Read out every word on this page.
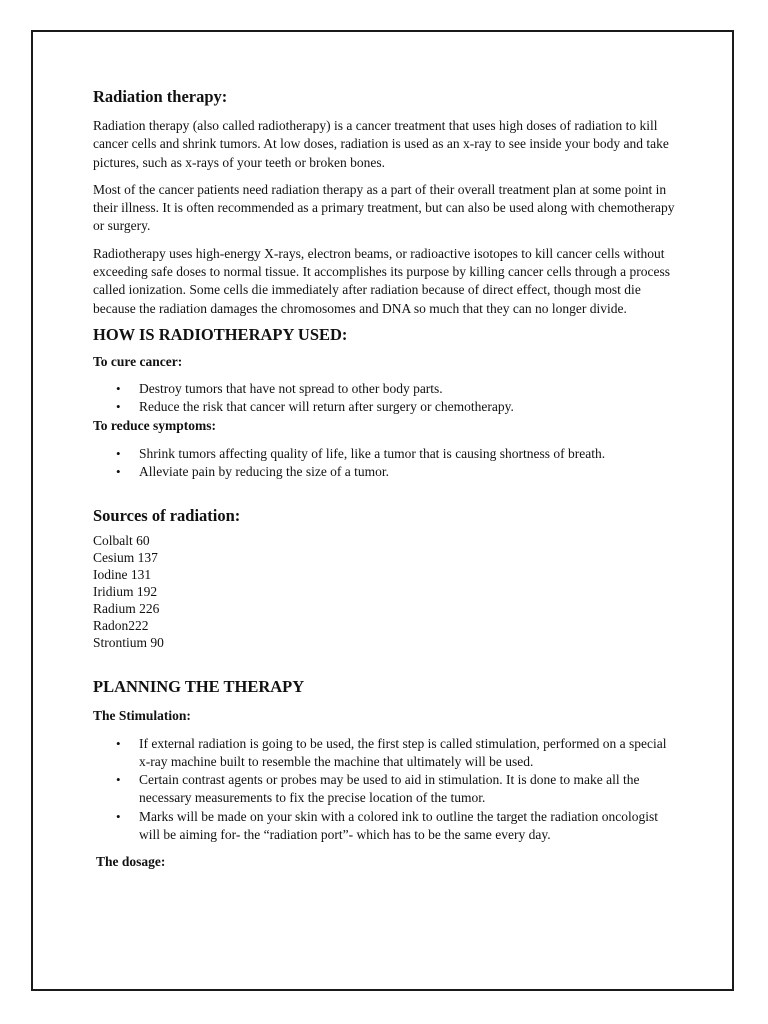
Radiation therapy:

Radiation therapy (also called radiotherapy) is a cancer treatment that uses high doses of radiation to kill cancer cells and shrink tumors. At low doses, radiation is used as an x-ray to see inside your body and take pictures, such as x-rays of your teeth or broken bones.

Most of the cancer patients need radiation therapy as a part of their overall treatment plan at some point in their illness. It is often recommended as a primary treatment, but can also be used along with chemotherapy or surgery.

Radiotherapy uses high-energy X-rays, electron beams, or radioactive isotopes to kill cancer cells without exceeding safe doses to normal tissue. It accomplishes its purpose by killing cancer cells through a process called ionization. Some cells die immediately after radiation because of direct effect, though most die because the radiation damages the chromosomes and DNA so much that they can no longer divide.

HOW IS RADIOTHERAPY USED:
To cure cancer:
• Destroy tumors that have not spread to other body parts.
• Reduce the risk that cancer will return after surgery or chemotherapy.
To reduce symptoms:
• Shrink tumors affecting quality of life, like a tumor that is causing shortness of breath.
• Alleviate pain by reducing the size of a tumor.
Sources of radiation:
Colbalt 60
Cesium 137
Iodine 131
Iridium 192
Radium 226
Radon222
Strontium 90
PLANNING THE THERAPY
The Stimulation:
• If external radiation is going to be used, the first step is called stimulation, performed on a special x-ray machine built to resemble the machine that ultimately will be used.
• Certain contrast agents or probes may be used to aid in stimulation. It is done to make all the necessary measurements to fix the precise location of the tumor.
• Marks will be made on your skin with a colored ink to outline the target the radiation oncologist will be aiming for- the “radiation port”- which has to be the same every day.
The dosage:
